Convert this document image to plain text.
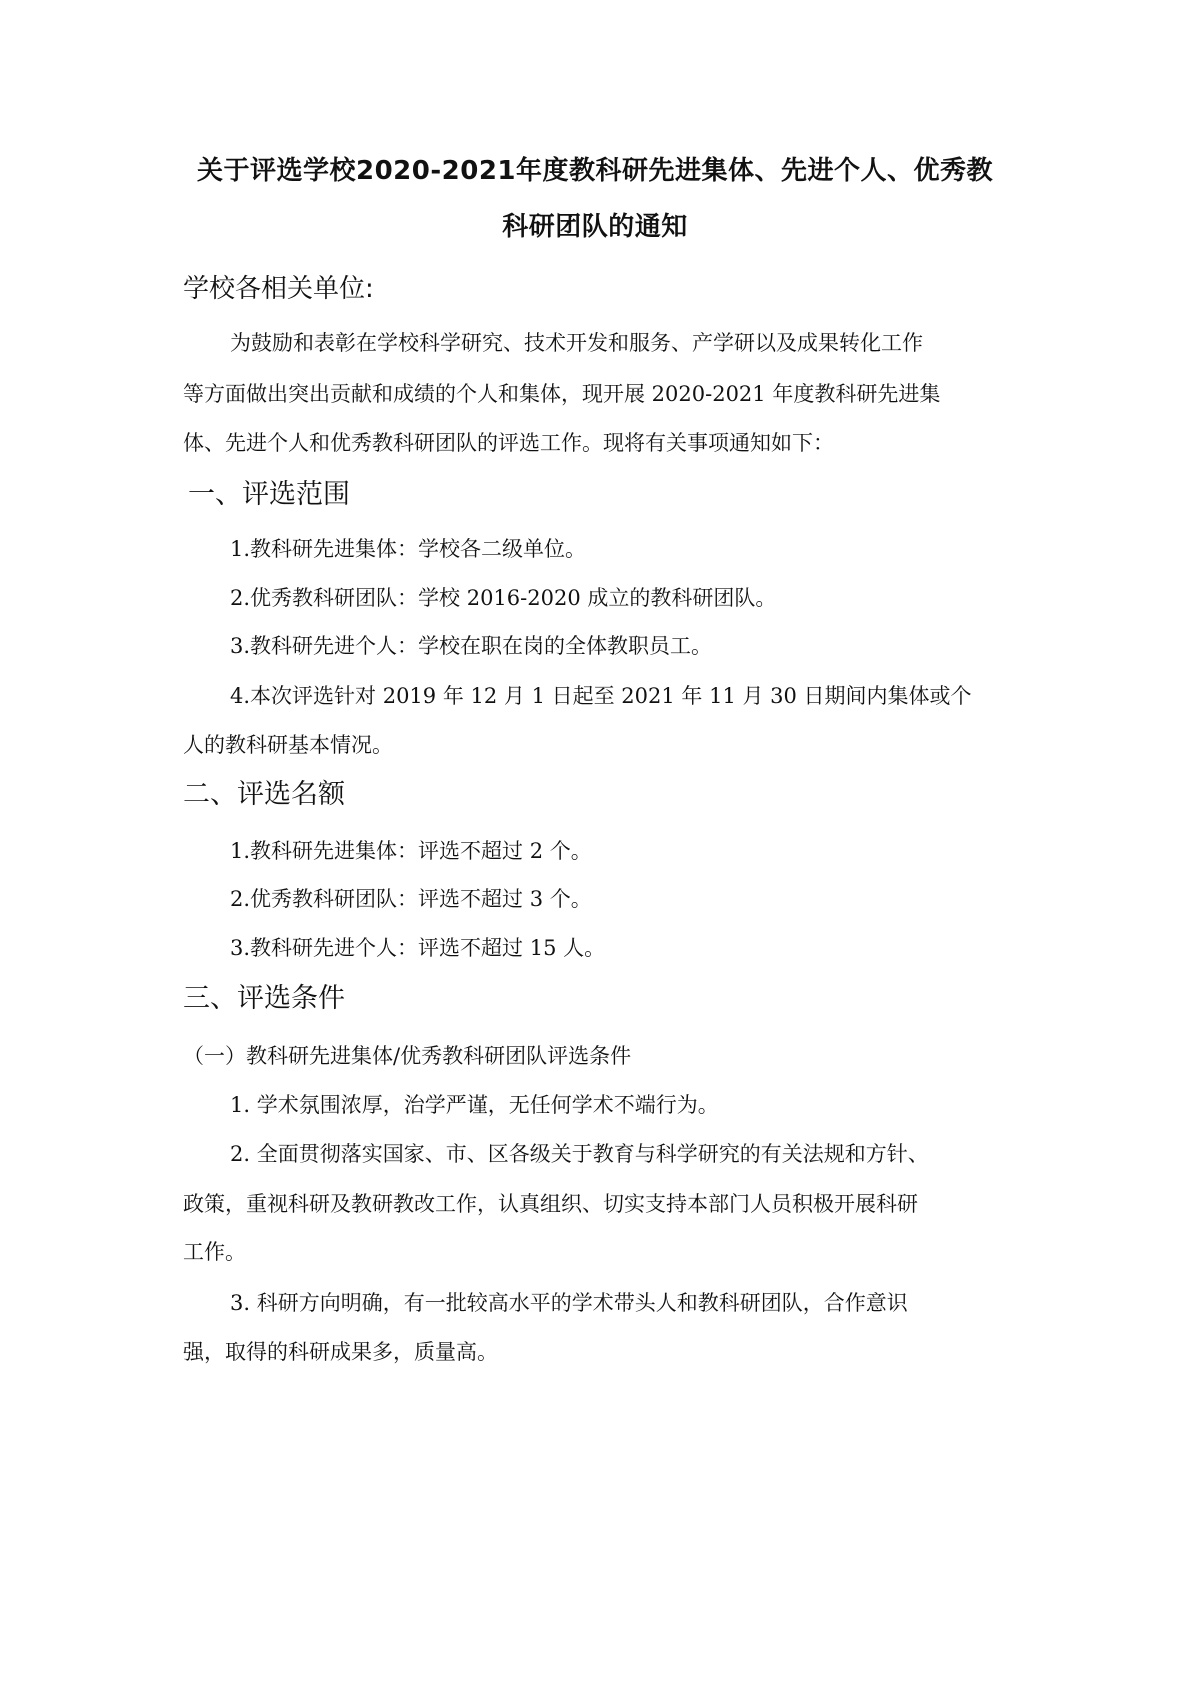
关于评选学校2020-2021年度教科研先进集体、先进个人、优秀教
科研团队的通知
学校各相关单位:
为鼓励和表彰在学校科学研究、技术开发和服务、产学研以及成果转化工作
等方面做出突出贡献和成绩的个人和集体，现开展 2020-2021 年度教科研先进集
体、先进个人和优秀教科研团队的评选工作。现将有关事项通知如下：
一、评选范围
1.教科研先进集体：学校各二级单位。
2.优秀教科研团队：学校 2016-2020 成立的教科研团队。
3.教科研先进个人：学校在职在岗的全体教职员工。
4.本次评选针对 2019 年 12 月 1 日起至 2021 年 11 月 30 日期间内集体或个
人的教科研基本情况。
二、评选名额
1.教科研先进集体：评选不超过 2 个。
2.优秀教科研团队：评选不超过 3 个。
3.教科研先进个人：评选不超过 15 人。
三、评选条件
（一）教科研先进集体/优秀教科研团队评选条件
1. 学术氛围浓厚，治学严谨，无任何学术不端行为。
2. 全面贯彻落实国家、市、区各级关于教育与科学研究的有关法规和方针、
政策，重视科研及教研教改工作，认真组织、切实支持本部门人员积极开展科研
工作。
3. 科研方向明确，有一批较高水平的学术带头人和教科研团队，合作意识
强，取得的科研成果多，质量高。
